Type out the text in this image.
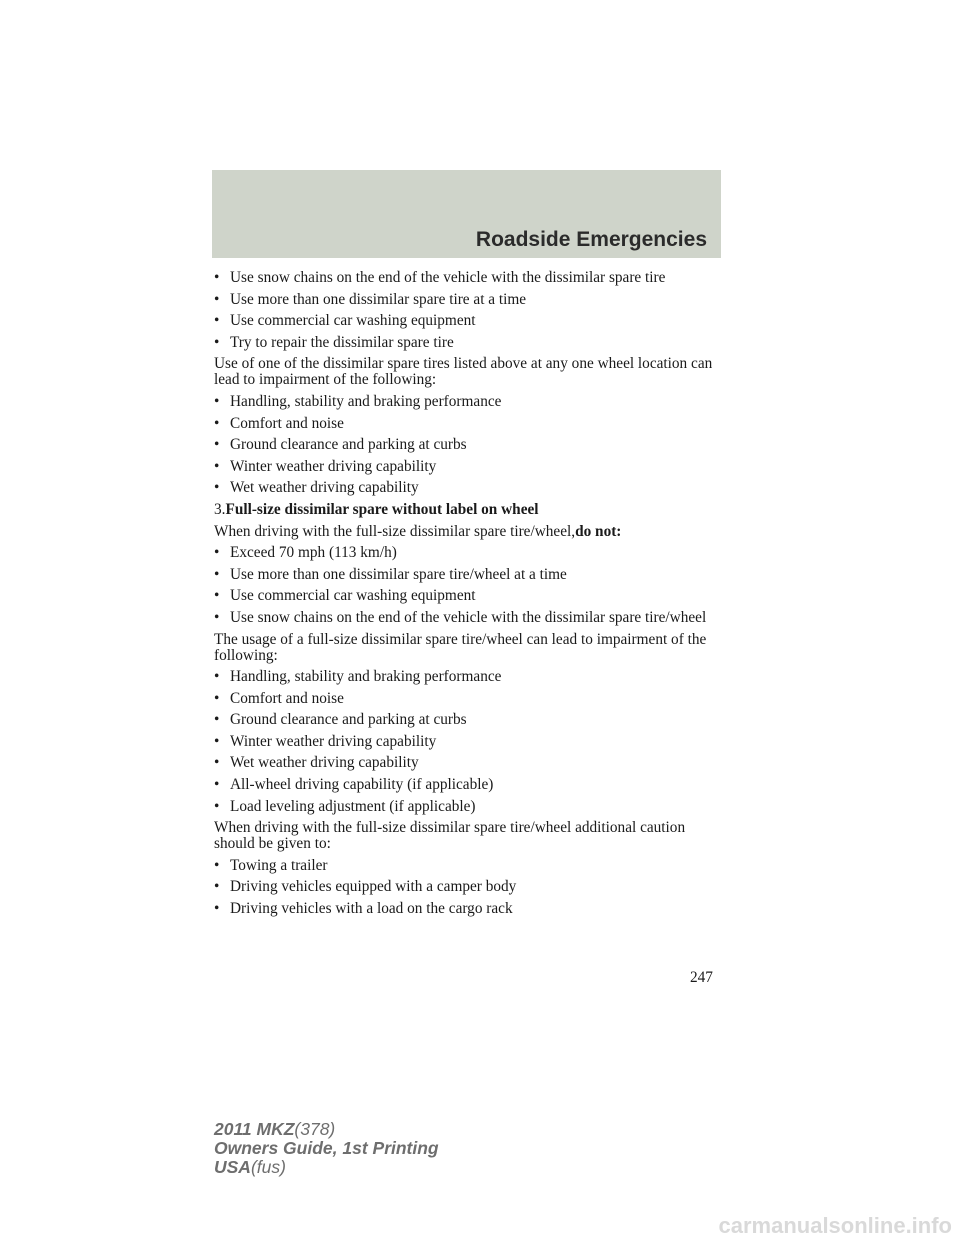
Roadside Emergencies
• Use snow chains on the end of the vehicle with the dissimilar spare tire
• Use more than one dissimilar spare tire at a time
• Use commercial car washing equipment
• Try to repair the dissimilar spare tire
Use of one of the dissimilar spare tires listed above at any one wheel location can lead to impairment of the following:
• Handling, stability and braking performance
• Comfort and noise
• Ground clearance and parking at curbs
• Winter weather driving capability
• Wet weather driving capability
3.Full-size dissimilar spare without label on wheel
When driving with the full-size dissimilar spare tire/wheel,do not:
• Exceed 70 mph (113 km/h)
• Use more than one dissimilar spare tire/wheel at a time
• Use commercial car washing equipment
• Use snow chains on the end of the vehicle with the dissimilar spare tire/wheel
The usage of a full-size dissimilar spare tire/wheel can lead to impairment of the following:
• Handling, stability and braking performance
• Comfort and noise
• Ground clearance and parking at curbs
• Winter weather driving capability
• Wet weather driving capability
• All-wheel driving capability (if applicable)
• Load leveling adjustment (if applicable)
When driving with the full-size dissimilar spare tire/wheel additional caution should be given to:
• Towing a trailer
• Driving vehicles equipped with a camper body
• Driving vehicles with a load on the cargo rack
247
2011 MKZ(378)
Owners Guide, 1st Printing
USA(fus)
carmanualsonline.info
